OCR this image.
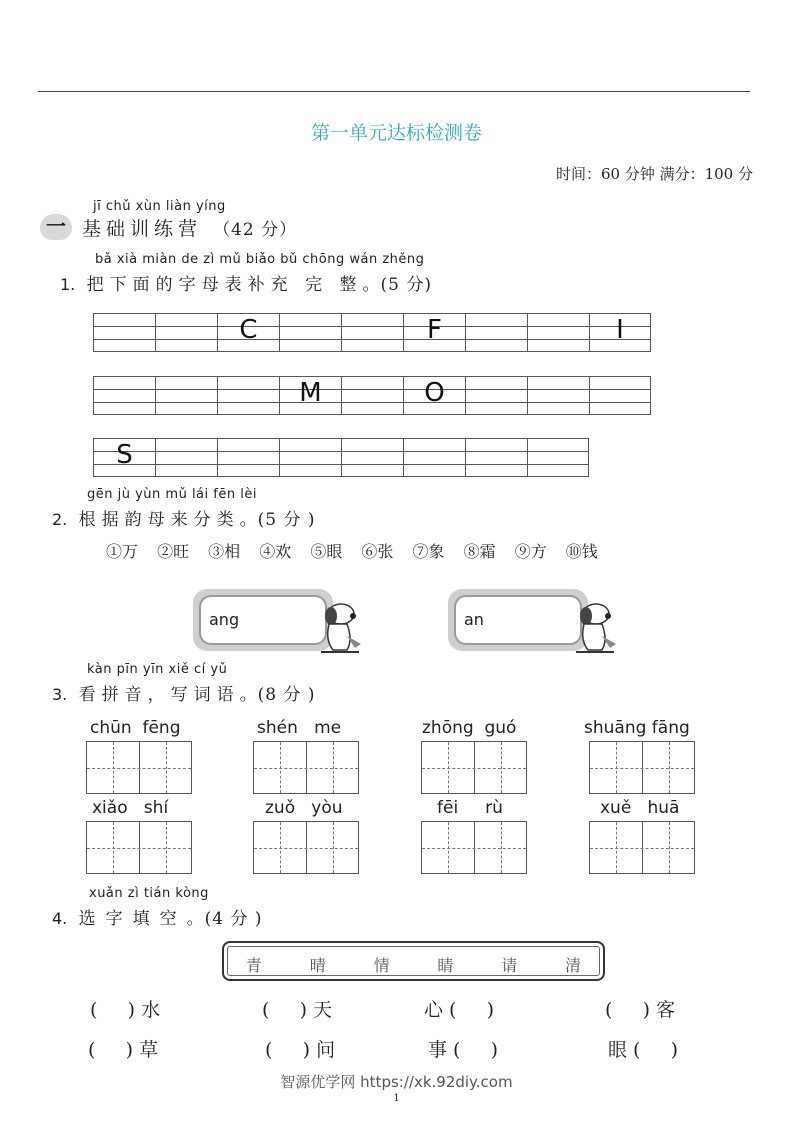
第一单元达标检测卷
时间：60 分钟 满分：100 分
jī chǔ xùn liàn yíng
一 基础训练营 （42 分）
bǎ xià miàn de zì mǔ biǎo bǔ chōng wán zhěng
1. 把下面的字母表补充 完 整。(5 分)
C	F	I
M	O
S
gēn jù yùn mǔ lái fēn lèi
2. 根据韵母来分类。(5 分 )
①万 ②旺 ③相 ④欢 ⑤眼 ⑥张 ⑦象 ⑧霜 ⑨方 ⑩钱
ang	an
kàn pīn yīn xiě cí yǔ
3. 看拼音，写词语。(8 分 )
chūn  fēng	shén   me	zhōng  guó	shuāng fāng
xiǎo   shí	zuǒ   yòu	fēi     rù	xuě   huā
xuǎn zì tián kòng
4. 选字填空。(4 分 )
青	晴	情	睛	请	清
(     ) 水	(     ) 天	心 (     )	(     ) 客
(     ) 草	(     ) 问	事 (     )	眼 (     )
智源优学网 https://xk.92diy.com
1
